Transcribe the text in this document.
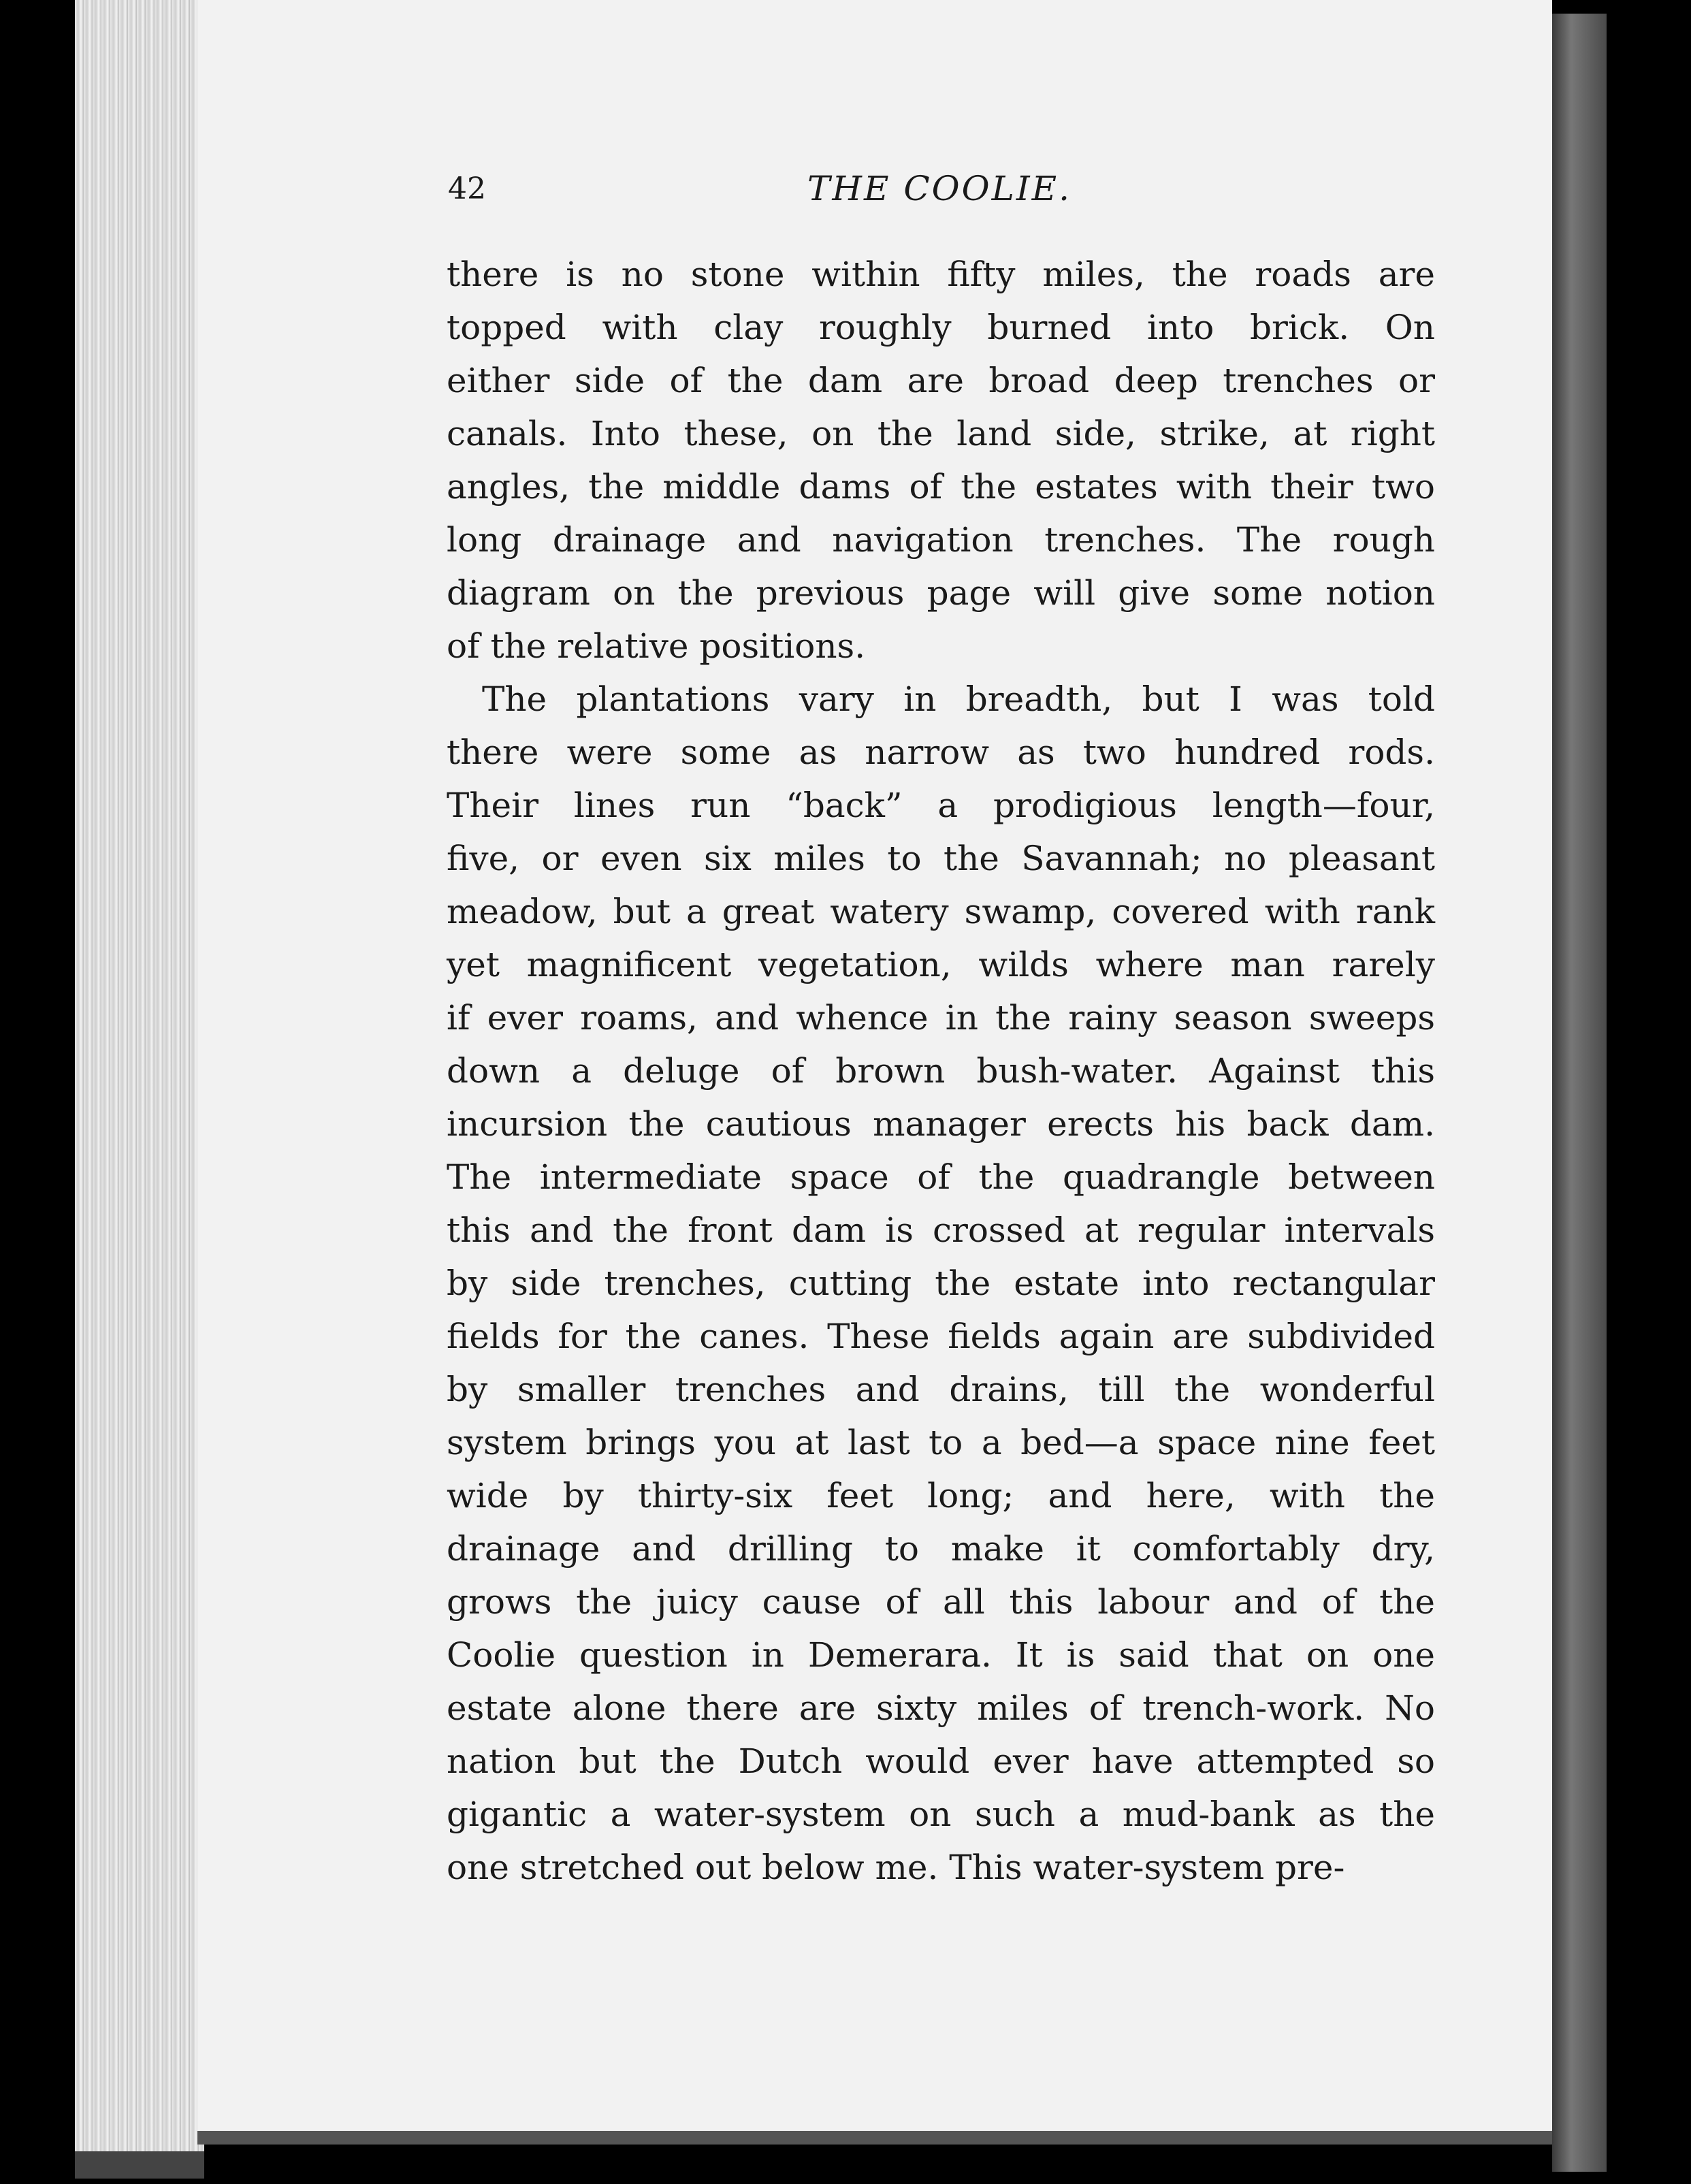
42	THE COOLIE.
there is no stone within fifty miles, the roads are
topped with clay roughly burned into brick. On
either side of the dam are broad deep trenches or
canals. Into these, on the land side, strike, at right
angles, the middle dams of the estates with their two
long drainage and navigation trenches. The rough
diagram on the previous page will give some notion
of the relative positions.
The plantations vary in breadth, but I was told
there were some as narrow as two hundred rods.
Their lines run “back” a prodigious length—four,
five, or even six miles to the Savannah; no pleasant
meadow, but a great watery swamp, covered with rank
yet magnificent vegetation, wilds where man rarely
if ever roams, and whence in the rainy season sweeps
down a deluge of brown bush-water. Against this
incursion the cautious manager erects his back dam.
The intermediate space of the quadrangle between
this and the front dam is crossed at regular intervals
by side trenches, cutting the estate into rectangular
fields for the canes. These fields again are subdivided
by smaller trenches and drains, till the wonderful
system brings you at last to a bed—a space nine feet
wide by thirty-six feet long; and here, with the
drainage and drilling to make it comfortably dry,
grows the juicy cause of all this labour and of the
Coolie question in Demerara. It is said that on one
estate alone there are sixty miles of trench-work. No
nation but the Dutch would ever have attempted so
gigantic a water-system on such a mud-bank as the
one stretched out below me. This water-system pre-
